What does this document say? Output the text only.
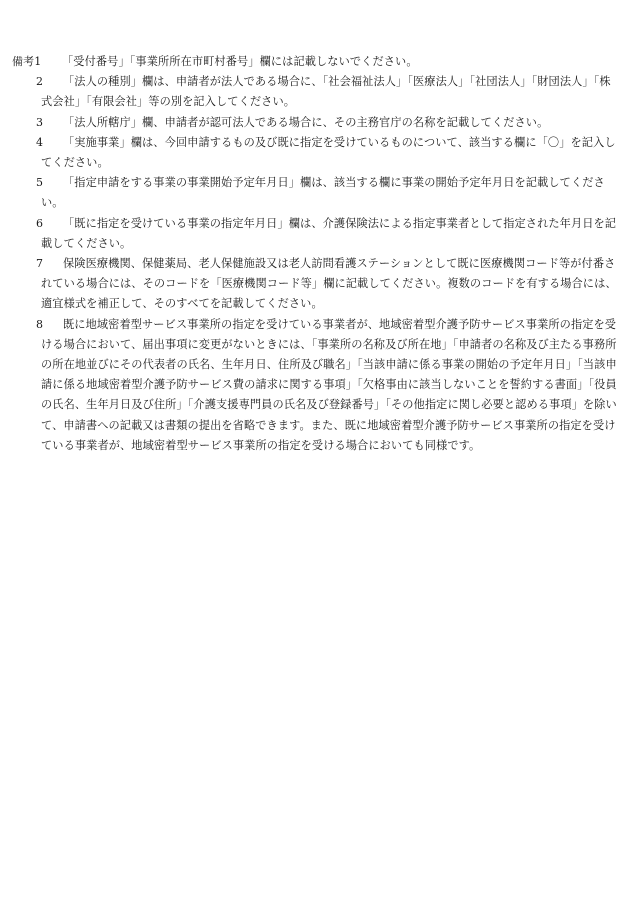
備考1	「受付番号」「事業所所在市町村番号」欄には記載しないでください。
2	「法人の種別」欄は、申請者が法人である場合に、「社会福祉法人」「医療法人」「社団法人」「財団法人」「株式会社」「有限会社」等の別を記入してください。
3	「法人所轄庁」欄、申請者が認可法人である場合に、その主務官庁の名称を記載してください。
4	「実施事業」欄は、今回申請するもの及び既に指定を受けているものについて、該当する欄に「〇」を記入してください。
5	「指定申請をする事業の事業開始予定年月日」欄は、該当する欄に事業の開始予定年月日を記載してください。
6	「既に指定を受けている事業の指定年月日」欄は、介護保険法による指定事業者として指定された年月日を記載してください。
7	保険医療機関、保健薬局、老人保健施設又は老人訪問看護ステーションとして既に医療機関コード等が付番されている場合には、そのコードを「医療機関コード等」欄に記載してください。複数のコードを有する場合には、適宜様式を補正して、そのすべてを記載してください。
8	既に地域密着型サービス事業所の指定を受けている事業者が、地域密着型介護予防サービス事業所の指定を受ける場合において、届出事項に変更がないときには、「事業所の名称及び所在地」「申請者の名称及び主たる事務所の所在地並びにその代表者の氏名、生年月日、住所及び職名」「当該申請に係る事業の開始の予定年月日」「当該申請に係る地域密着型介護予防サービス費の請求に関する事項」「欠格事由に該当しないことを誓約する書面」「役員の氏名、生年月日及び住所」「介護支援専門員の氏名及び登録番号」「その他指定に関し必要と認める事項」を除いて、申請書への記載又は書類の提出を省略できます。また、既に地域密着型介護予防サービス事業所の指定を受けている事業者が、地域密着型サービス事業所の指定を受ける場合においても同様です。
